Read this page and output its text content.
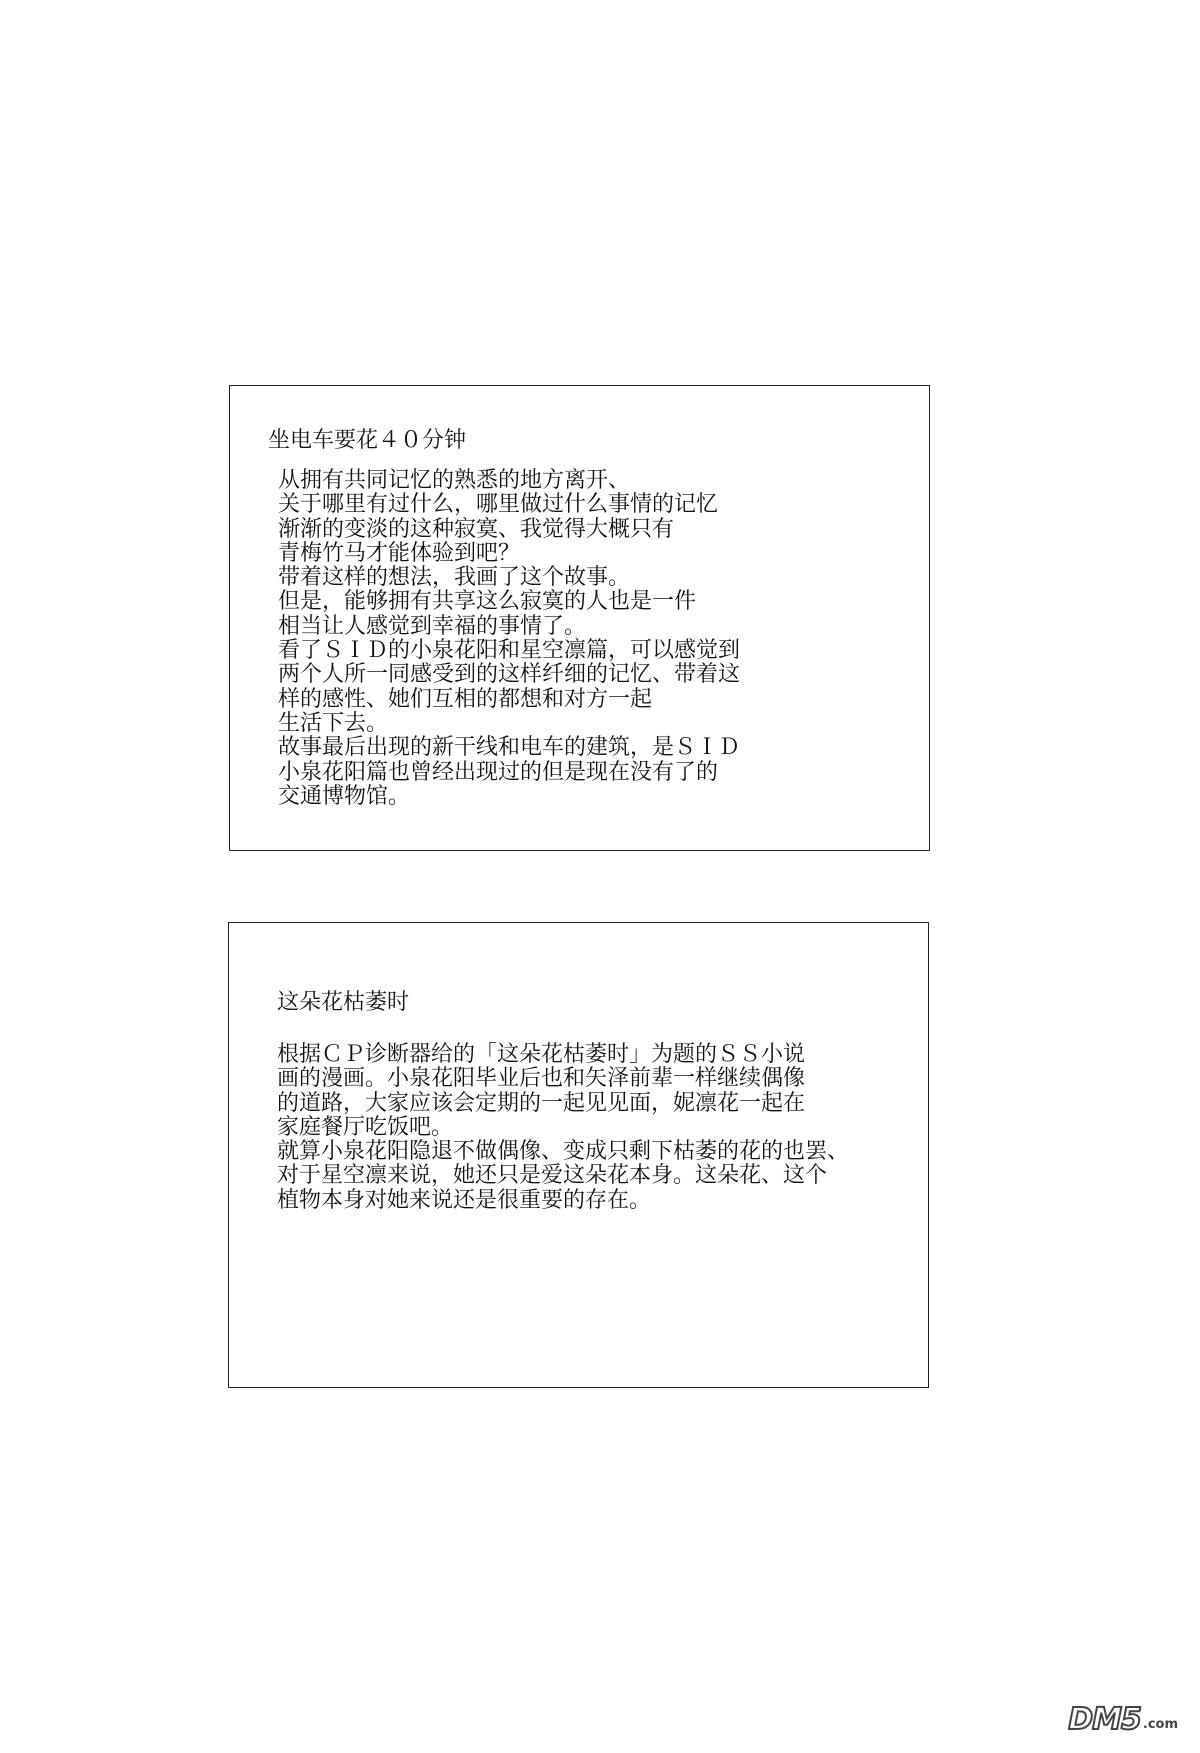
坐电车要花４０分钟
从拥有共同记忆的熟悉的地方离开、
关于哪里有过什么，哪里做过什么事情的记忆
渐渐的变淡的这种寂寞、我觉得大概只有
青梅竹马才能体验到吧？
带着这样的想法，我画了这个故事。
但是，能够拥有共享这么寂寞的人也是一件
相当让人感觉到幸福的事情了。
看了ＳＩＤ的小泉花阳和星空凛篇，可以感觉到
两个人所一同感受到的这样纤细的记忆、带着这
样的感性、她们互相的都想和对方一起
生活下去。
故事最后出现的新干线和电车的建筑，是ＳＩＤ
小泉花阳篇也曾经出现过的但是现在没有了的
交通博物馆。
这朵花枯萎时
根据ＣＰ诊断器给的「这朵花枯萎时」为题的ＳＳ小说
画的漫画。小泉花阳毕业后也和矢泽前辈一样继续偶像
的道路，大家应该会定期的一起见见面，妮凛花一起在
家庭餐厅吃饭吧。
就算小泉花阳隐退不做偶像、变成只剩下枯萎的花的也罢、
对于星空凛来说，她还只是爱这朵花本身。这朵花、这个
植物本身对她来说还是很重要的存在。
DM5 .com
